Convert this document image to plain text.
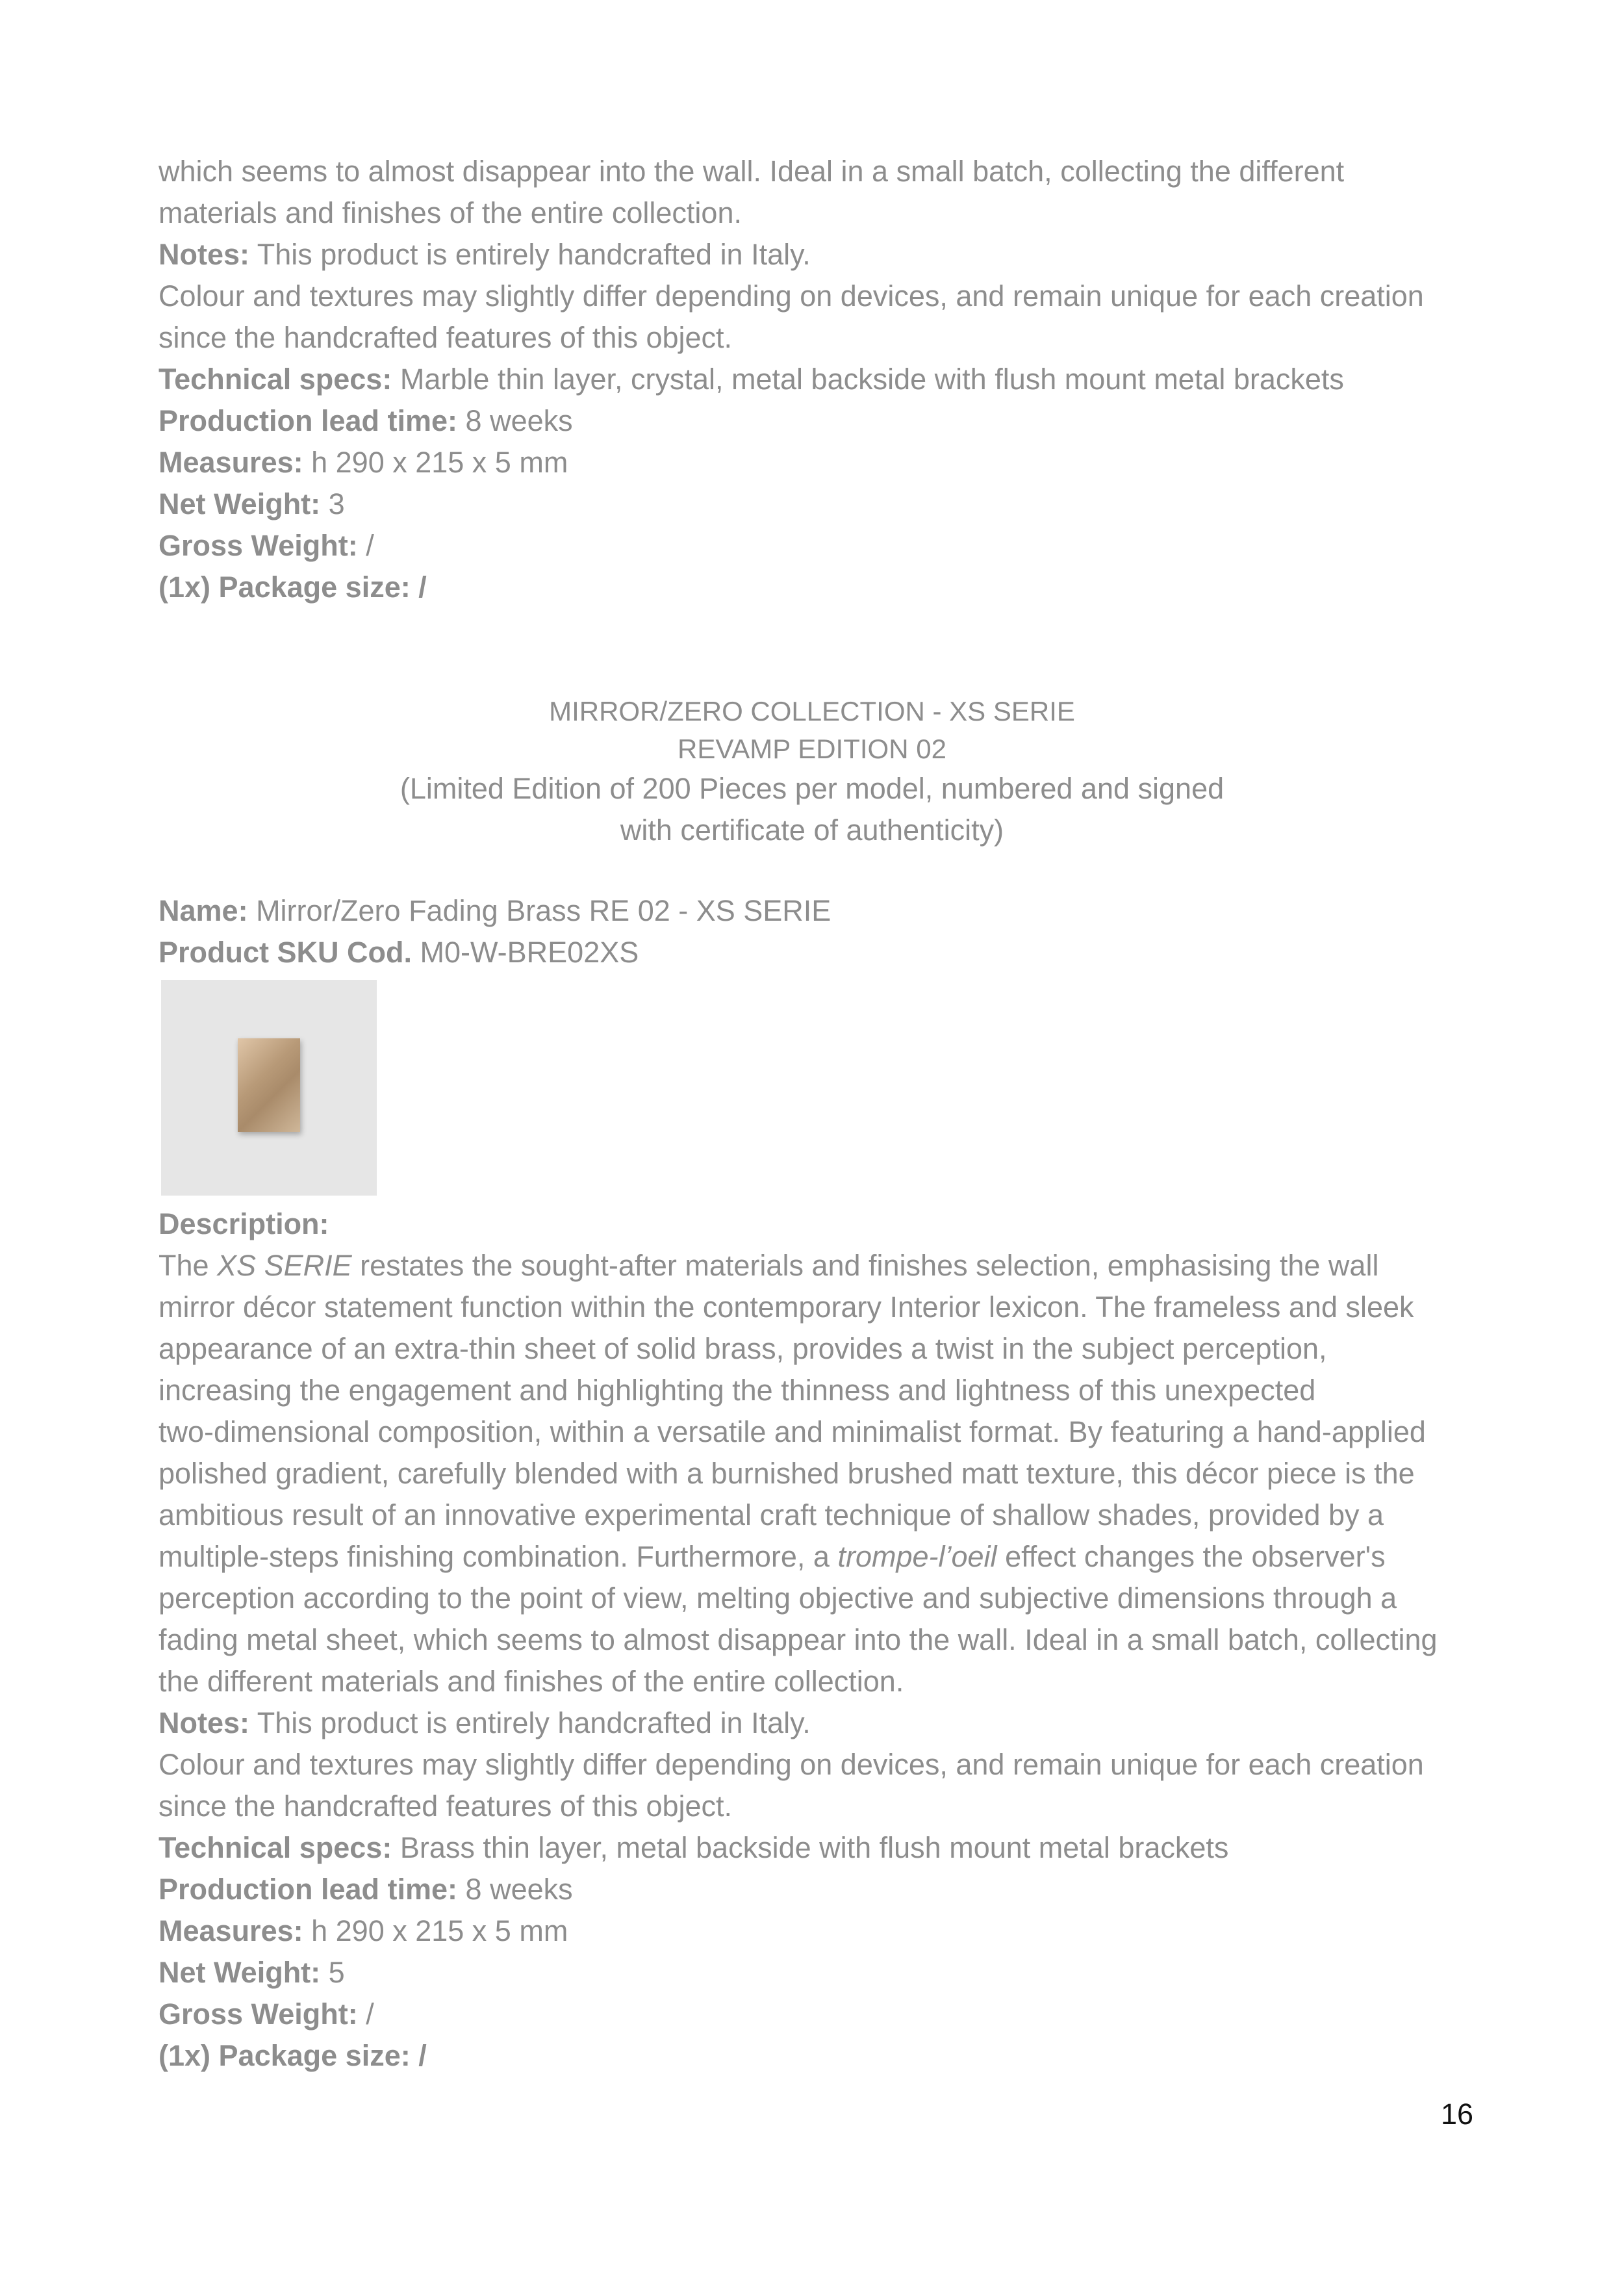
which seems to almost disappear into the wall. Ideal in a small batch, collecting the different
materials and finishes of the entire collection.
Notes: This product is entirely handcrafted in Italy.
Colour and textures may slightly differ depending on devices, and remain unique for each creation
since the handcrafted features of this object.
Technical specs: Marble thin layer, crystal, metal backside with flush mount metal brackets
Production lead time: 8 weeks
Measures: h 290 x 215 x 5 mm
Net Weight: 3
Gross Weight: /
(1x) Package size: /
MIRROR/ZERO COLLECTION - XS SERIE
REVAMP EDITION 02
(Limited Edition of 200 Pieces per model, numbered and signed
with certificate of authenticity)
Name: Mirror/Zero Fading Brass RE 02 - XS SERIE
Product SKU Cod. M0-W-BRE02XS
Description:
The XS SERIE restates the sought-after materials and finishes selection, emphasising the wall
mirror décor statement function within the contemporary Interior lexicon. The frameless and sleek
appearance of an extra-thin sheet of solid brass, provides a twist in the subject perception,
increasing the engagement and highlighting the thinness and lightness of this unexpected
two-dimensional composition, within a versatile and minimalist format. By featuring a hand-applied
polished gradient, carefully blended with a burnished brushed matt texture, this décor piece is the
ambitious result of an innovative experimental craft technique of shallow shades, provided by a
multiple-steps finishing combination. Furthermore, a trompe-l’oeil effect changes the observer's
perception according to the point of view, melting objective and subjective dimensions through a
fading metal sheet, which seems to almost disappear into the wall. Ideal in a small batch, collecting
the different materials and finishes of the entire collection.
Notes: This product is entirely handcrafted in Italy.
Colour and textures may slightly differ depending on devices, and remain unique for each creation
since the handcrafted features of this object.
Technical specs: Brass thin layer, metal backside with flush mount metal brackets
Production lead time: 8 weeks
Measures: h 290 x 215 x 5 mm
Net Weight: 5
Gross Weight: /
(1x) Package size: /
16
